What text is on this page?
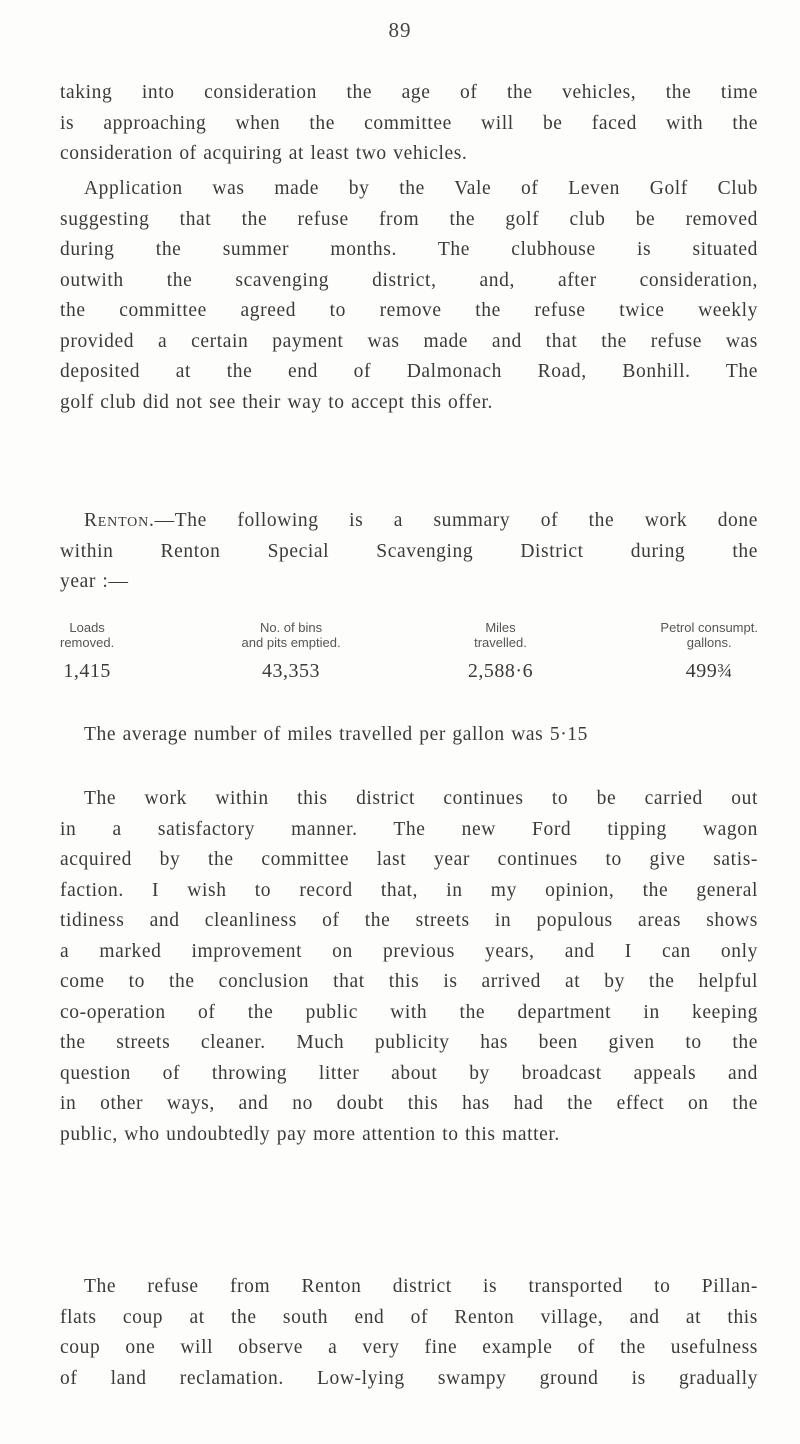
89
taking into consideration the age of the vehicles, the time
is approaching when the committee will be faced with the
consideration of acquiring at least two vehicles.
Application was made by the Vale of Leven Golf Club
suggesting that the refuse from the golf club be removed
during the summer months. The clubhouse is situated
outwith the scavenging district, and, after consideration,
the committee agreed to remove the refuse twice weekly
provided a certain payment was made and that the refuse was
deposited at the end of Dalmonach Road, Bonhill. The
golf club did not see their way to accept this offer.
Renton.—The following is a summary of the work done
within Renton Special Scavenging District during the
year :—
Loads
removed.
1,415
No. of bins
and pits emptied.
43,353
Miles
travelled.
2,588·6
Petrol consumpt.
gallons.
499¾
The average number of miles travelled per gallon was 5·15
The work within this district continues to be carried out
in a satisfactory manner. The new Ford tipping wagon
acquired by the committee last year continues to give satis-
faction. I wish to record that, in my opinion, the general
tidiness and cleanliness of the streets in populous areas shows
a marked improvement on previous years, and I can only
come to the conclusion that this is arrived at by the helpful
co-operation of the public with the department in keeping
the streets cleaner. Much publicity has been given to the
question of throwing litter about by broadcast appeals and
in other ways, and no doubt this has had the effect on the
public, who undoubtedly pay more attention to this matter.
The refuse from Renton district is transported to Pillan-
flats coup at the south end of Renton village, and at this
coup one will observe a very fine example of the usefulness
of land reclamation. Low-lying swampy ground is gradually
